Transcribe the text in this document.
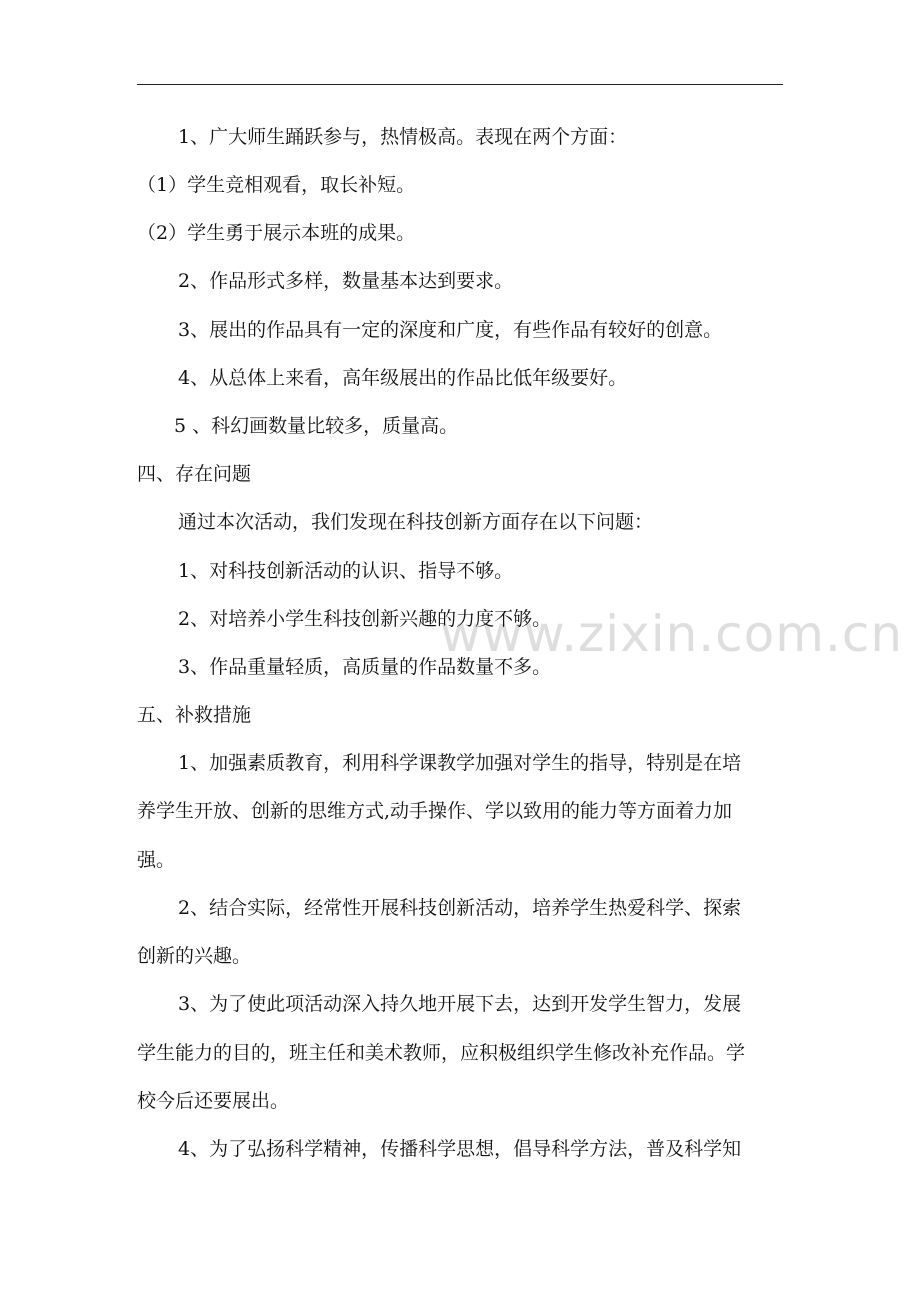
www.zixin.com.cn
1、广大师生踊跃参与，热情极高。表现在两个方面：
（1）学生竞相观看，取长补短。
（2）学生勇于展示本班的成果。
2、作品形式多样，数量基本达到要求。
3、展出的作品具有一定的深度和广度，有些作品有较好的创意。
4、从总体上来看，高年级展出的作品比低年级要好。
5 、科幻画数量比较多，质量高。
四、存在问题
通过本次活动，我们发现在科技创新方面存在以下问题：
1、对科技创新活动的认识、指导不够。
2、对培养小学生科技创新兴趣的力度不够。
3、作品重量轻质，高质量的作品数量不多。
五、补救措施
1、加强素质教育，利用科学课教学加强对学生的指导，特别是在培
养学生开放、创新的思维方式,动手操作、学以致用的能力等方面着力加
强。
2、结合实际，经常性开展科技创新活动，培养学生热爱科学、探索
创新的兴趣。
3、为了使此项活动深入持久地开展下去，达到开发学生智力，发展
学生能力的目的，班主任和美术教师，应积极组织学生修改补充作品。学
校今后还要展出。
4、为了弘扬科学精神，传播科学思想，倡导科学方法，普及科学知
